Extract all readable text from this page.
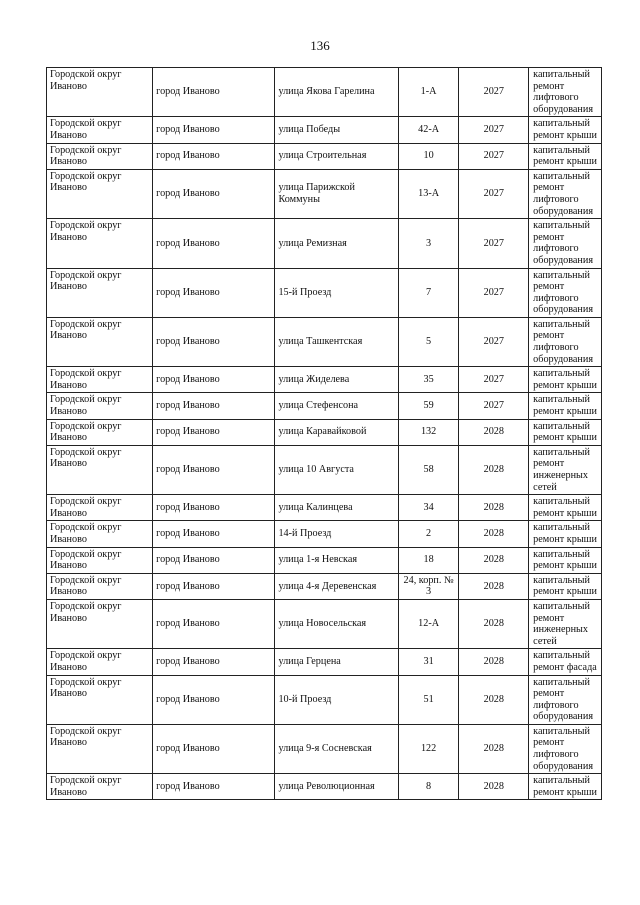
136
Городской округ Иваново	город Иваново	улица Якова Гарелина	1-А	2027	капитальный ремонт лифтового оборудования
Городской округ Иваново	город Иваново	улица Победы	42-А	2027	капитальный ремонт крыши
Городской округ Иваново	город Иваново	улица Строительная	10	2027	капитальный ремонт крыши
Городской округ Иваново	город Иваново	улица Парижской Коммуны	13-А	2027	капитальный ремонт лифтового оборудования
Городской округ Иваново	город Иваново	улица Ремизная	3	2027	капитальный ремонт лифтового оборудования
Городской округ Иваново	город Иваново	15-й Проезд	7	2027	капитальный ремонт лифтового оборудования
Городской округ Иваново	город Иваново	улица Ташкентская	5	2027	капитальный ремонт лифтового оборудования
Городской округ Иваново	город Иваново	улица Жиделева	35	2027	капитальный ремонт крыши
Городской округ Иваново	город Иваново	улица Стефенсона	59	2027	капитальный ремонт крыши
Городской округ Иваново	город Иваново	улица Каравайковой	132	2028	капитальный ремонт крыши
Городской округ Иваново	город Иваново	улица 10 Августа	58	2028	капитальный ремонт инженерных сетей
Городской округ Иваново	город Иваново	улица Калинцева	34	2028	капитальный ремонт крыши
Городской округ Иваново	город Иваново	14-й Проезд	2	2028	капитальный ремонт крыши
Городской округ Иваново	город Иваново	улица 1-я Невская	18	2028	капитальный ремонт крыши
Городской округ Иваново	город Иваново	улица 4-я Деревенская	24, корп. № 3	2028	капитальный ремонт крыши
Городской округ Иваново	город Иваново	улица Новосельская	12-А	2028	капитальный ремонт инженерных сетей
Городской округ Иваново	город Иваново	улица Герцена	31	2028	капитальный ремонт фасада
Городской округ Иваново	город Иваново	10-й Проезд	51	2028	капитальный ремонт лифтового оборудования
Городской округ Иваново	город Иваново	улица 9-я Сосневская	122	2028	капитальный ремонт лифтового оборудования
Городской округ Иваново	город Иваново	улица Революционная	8	2028	капитальный ремонт крыши
